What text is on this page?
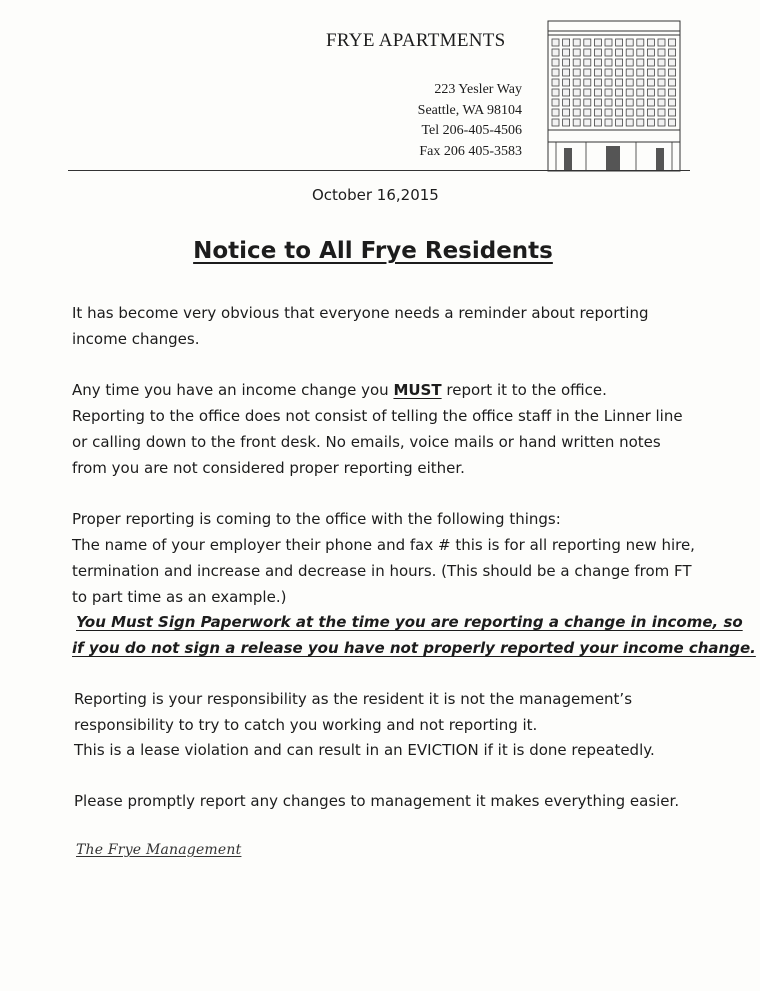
FRYE APARTMENTS
223 Yesler Way
Seattle, WA 98104
Tel 206-405-4506
Fax 206 405-3583
October 16,2015
Notice to All Frye Residents
It has become very obvious that everyone needs a reminder about reporting
income changes.
Any time you have an income change you MUST report it to the office.
Reporting to the office does not consist of telling the office staff in the Linner line
or calling down to the front desk. No emails, voice mails or hand written notes
from you are not considered proper reporting either.
Proper reporting is coming to the office with the following things:
The name of your employer their phone and fax # this is for all reporting new hire,
termination and increase and decrease in hours. (This should be a change from FT
to part time as an example.)
You Must Sign Paperwork at the time you are reporting a change in income, so
if you do not sign a release you have not properly reported your income change.
Reporting is your responsibility as the resident it is not the management’s
responsibility to try to catch you working and not reporting it.
This is a lease violation and can result in an EVICTION if it is done repeatedly.
Please promptly report any changes to management it makes everything easier.
The Frye Management
